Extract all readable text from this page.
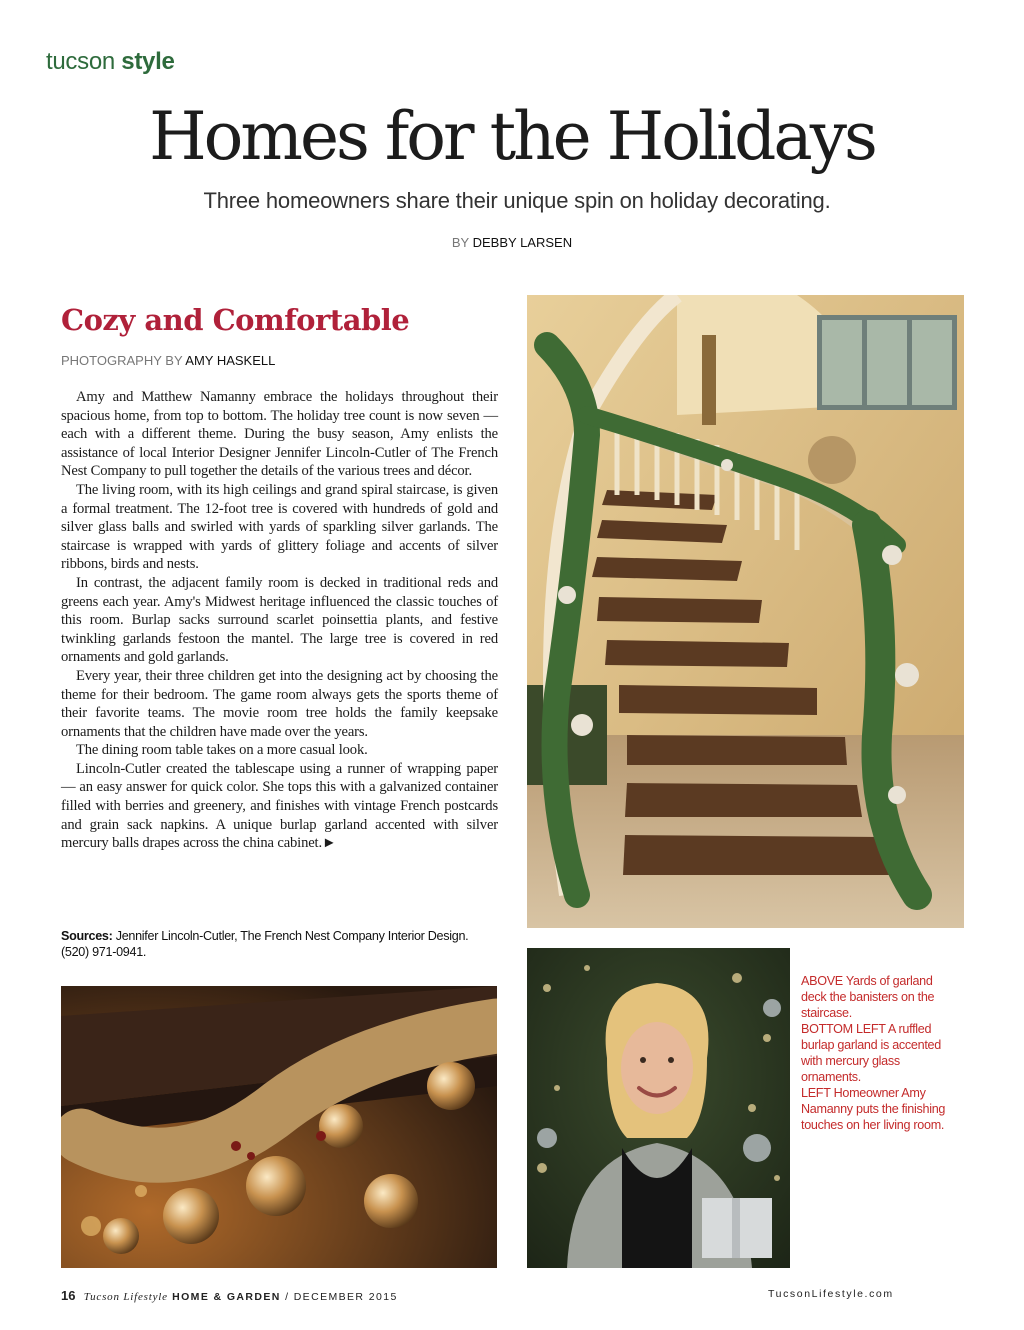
tucson style
Homes for the Holidays
Three homeowners share their unique spin on holiday decorating.
BY DEBBY LARSEN
Cozy and Comfortable
PHOTOGRAPHY BY AMY HASKELL

Amy and Matthew Namanny embrace the holidays throughout their spacious home, from top to bottom. The holiday tree count is now seven — each with a different theme. During the busy season, Amy enlists the assistance of local Interior Designer Jennifer Lincoln-Cutler of The French Nest Company to pull together the details of the various trees and décor.

The living room, with its high ceilings and grand spiral staircase, is given a formal treatment. The 12-foot tree is covered with hundreds of gold and silver glass balls and swirled with yards of sparkling silver garlands. The staircase is wrapped with yards of glittery foliage and accents of silver ribbons, birds and nests.

In contrast, the adjacent family room is decked in traditional reds and greens each year. Amy's Midwest heritage influenced the classic touches of this room. Burlap sacks surround scarlet poinsettia plants, and festive twinkling garlands festoon the mantel. The large tree is covered in red ornaments and gold garlands.

Every year, their three children get into the designing act by choosing the theme for their bedroom. The game room always gets the sports theme of their favorite teams. The movie room tree holds the family keepsake ornaments that the children have made over the years.

The dining room table takes on a more casual look.

Lincoln-Cutler created the tablescape using a runner of wrapping paper — an easy answer for quick color. She tops this with a galvanized container filled with berries and greenery, and finishes with vintage French postcards and grain sack napkins. A unique burlap garland accented with silver mercury balls drapes across the china cabinet.►

Sources: Jennifer Lincoln-Cutler, The French Nest Company Interior Design. (520) 971-0941.

ABOVE Yards of garland deck the banisters on the staircase.

BOTTOM LEFT A ruffled burlap garland is accented with mercury glass ornaments.

LEFT Homeowner Amy Namanny puts the finishing touches on her living room.

16 Tucson Lifestyle HOME & GARDEN / DECEMBER 2015	TucsonLifestyle.com
